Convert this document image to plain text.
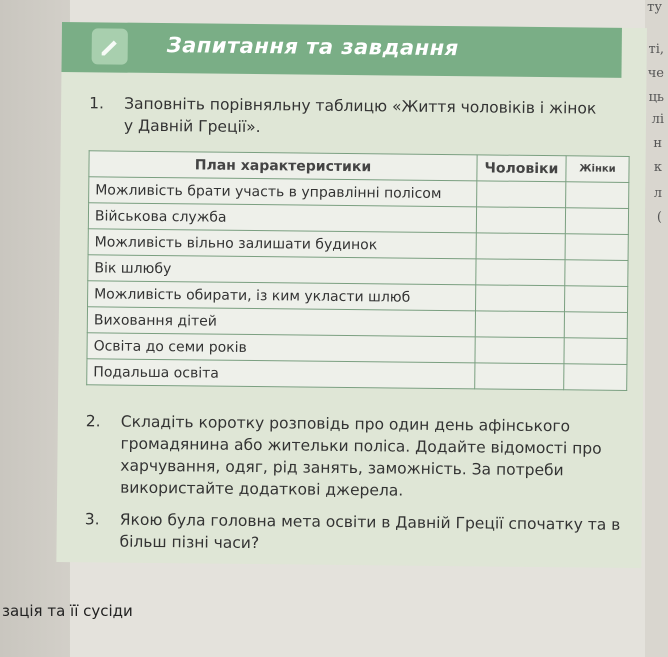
Запитання та завдання
1. Заповніть порівняльну таблицю «Життя чоловіків і жінок у Давній Греції».
План характеристики	Чоловіки	Жінки
Можливість брати участь в управлінні полісом		
Військова служба		
Можливість вільно залишати будинок		
Вік шлюбу		
Можливість обирати, із ким укласти шлюб		
Виховання дітей		
Освіта до семи років		
Подальша освіта		
2. Складіть коротку розповідь про один день афінського громадянина або жительки поліса. Додайте відомості про харчування, одяг, рід занять, заможність. За потреби використайте додаткові джерела.
3. Якою була головна мета освіти в Давній Греції спочатку та в більш пізні часи?
ту
ті,
че
ць
лі
н
к
л
(
зація та її сусіди
